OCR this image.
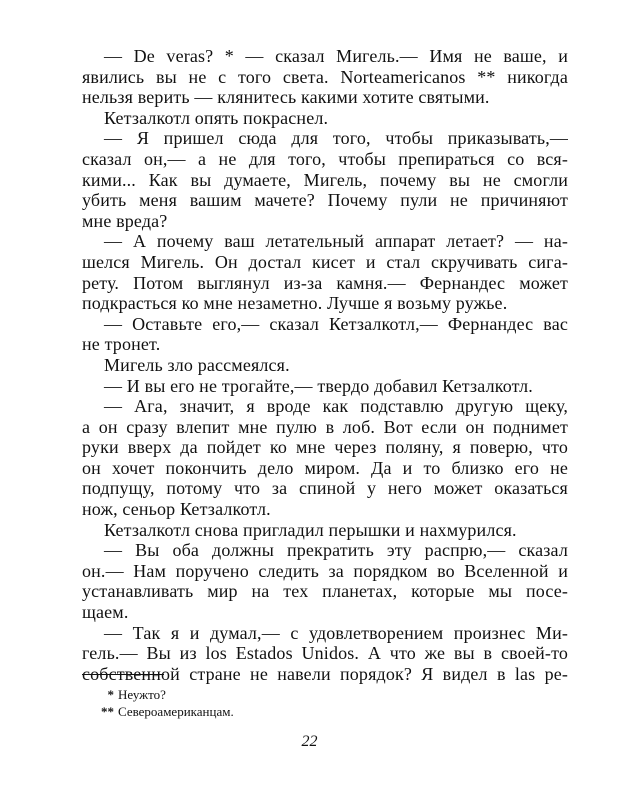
— De veras? * — сказал Мигель.— Имя не ваше, и
явились вы не с того света. Norteamericanos ** никогда
нельзя верить — клянитесь какими хотите святыми.
Кетзалкотл опять покраснел.
— Я пришел сюда для того, чтобы приказывать,—
сказал он,— а не для того, чтобы препираться со вся-
кими... Как вы думаете, Мигель, почему вы не смогли
убить меня вашим мачете? Почему пули не причиняют
мне вреда?
— А почему ваш летательный аппарат летает? — на-
шелся Мигель. Он достал кисет и стал скручивать сига-
рету. Потом выглянул из-за камня.— Фернандес может
подкрасться ко мне незаметно. Лучше я возьму ружье.
— Оставьте его,— сказал Кетзалкотл,— Фернандес вас
не тронет.
Мигель зло рассмеялся.
— И вы его не трогайте,— твердо добавил Кетзалкотл.
— Ага, значит, я вроде как подставлю другую щеку,
а он сразу влепит мне пулю в лоб. Вот если он поднимет
руки вверх да пойдет ко мне через поляну, я поверю, что
он хочет покончить дело миром. Да и то близко его не
подпущу, потому что за спиной у него может оказаться
нож, сеньор Кетзалкотл.
Кетзалкотл снова пригладил перышки и нахмурился.
— Вы оба должны прекратить эту распрю,— сказал
он.— Нам поручено следить за порядком во Вселенной и
устанавливать мир на тех планетах, которые мы посе-
щаем.
— Так я и думал,— с удовлетворением произнес Ми-
гель.— Вы из los Estados Unidos. А что же вы в своей-то
собственной стране не навели порядок? Я видел в las ре-
* Неужто?
** Североамериканцам.
22
